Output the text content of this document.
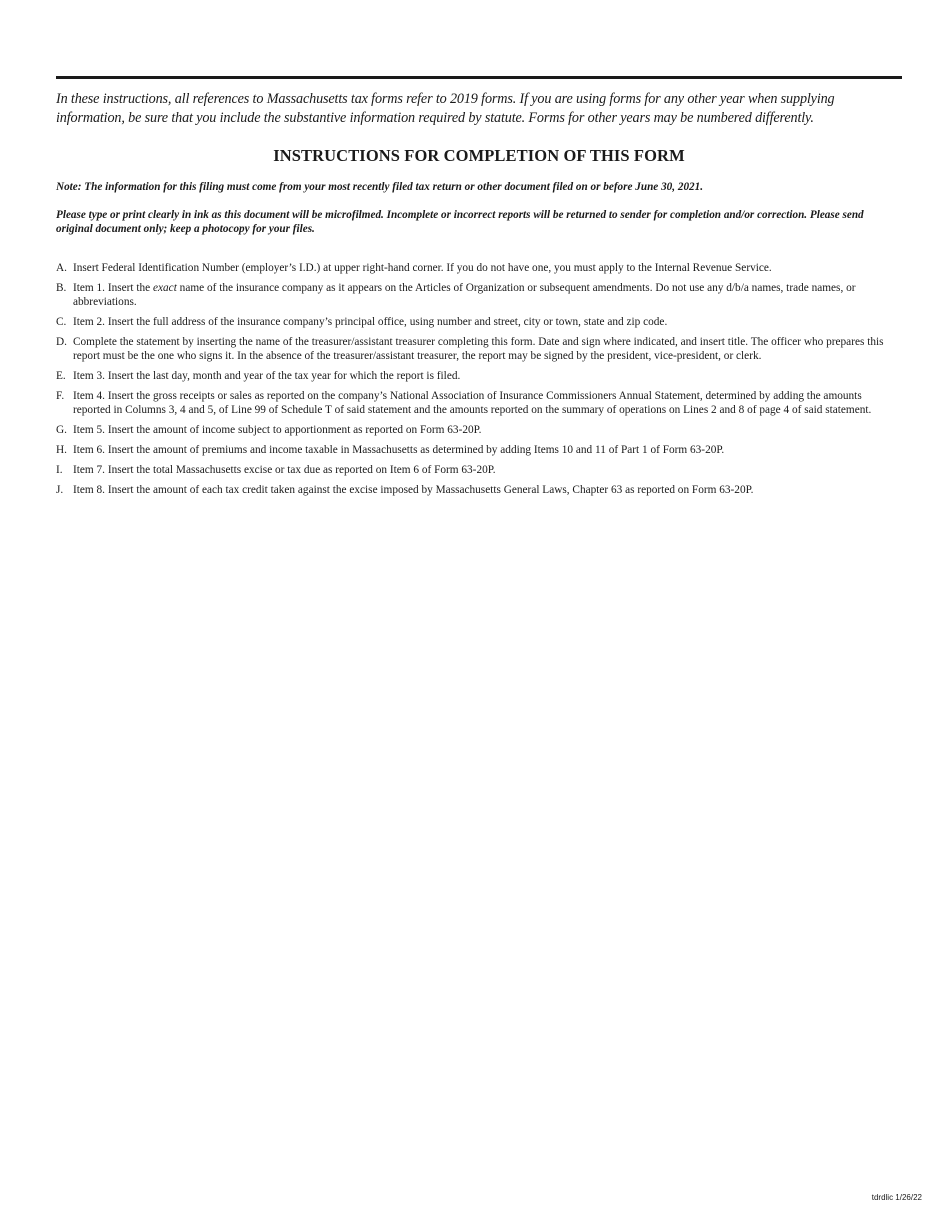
In these instructions, all references to Massachusetts tax forms refer to 2019 forms. If you are using forms for any other year when supplying information, be sure that you include the substantive information required by statute. Forms for other years may be numbered differently.

INSTRUCTIONS FOR COMPLETION OF THIS FORM

Note: The information for this filing must come from your most recently filed tax return or other document filed on or before June 30, 2021.

Please type or print clearly in ink as this document will be microfilmed. Incomplete or incorrect reports will be returned to sender for completion and/or correction. Please send original document only; keep a photocopy for your files.

A. Insert Federal Identification Number (employer’s I.D.) at upper right-hand corner. If you do not have one, you must apply to the Internal Revenue Service.
B. Item 1. Insert the exact name of the insurance company as it appears on the Articles of Organization or subsequent amendments. Do not use any d/b/a names, trade names, or abbreviations.
C. Item 2. Insert the full address of the insurance company’s principal office, using number and street, city or town, state and zip code.
D. Complete the statement by inserting the name of the treasurer/assistant treasurer completing this form. Date and sign where indicated, and insert title. The officer who prepares this report must be the one who signs it. In the absence of the treasurer/assistant treasurer, the report may be signed by the president, vice-president, or clerk.
E. Item 3. Insert the last day, month and year of the tax year for which the report is filed.
F. Item 4. Insert the gross receipts or sales as reported on the company’s National Association of Insurance Commissioners Annual Statement, determined by adding the amounts reported in Columns 3, 4 and 5, of Line 99 of Schedule T of said statement and the amounts reported on the summary of operations on Lines 2 and 8 of page 4 of said statement.
G. Item 5. Insert the amount of income subject to apportionment as reported on Form 63-20P.
H. Item 6. Insert the amount of premiums and income taxable in Massachusetts as determined by adding Items 10 and 11 of Part 1 of Form 63-20P.
I. Item 7. Insert the total Massachusetts excise or tax due as reported on Item 6 of Form 63-20P.
J. Item 8. Insert the amount of each tax credit taken against the excise imposed by Massachusetts General Laws, Chapter 63 as reported on Form 63-20P.
tdrdlic 1/26/22
